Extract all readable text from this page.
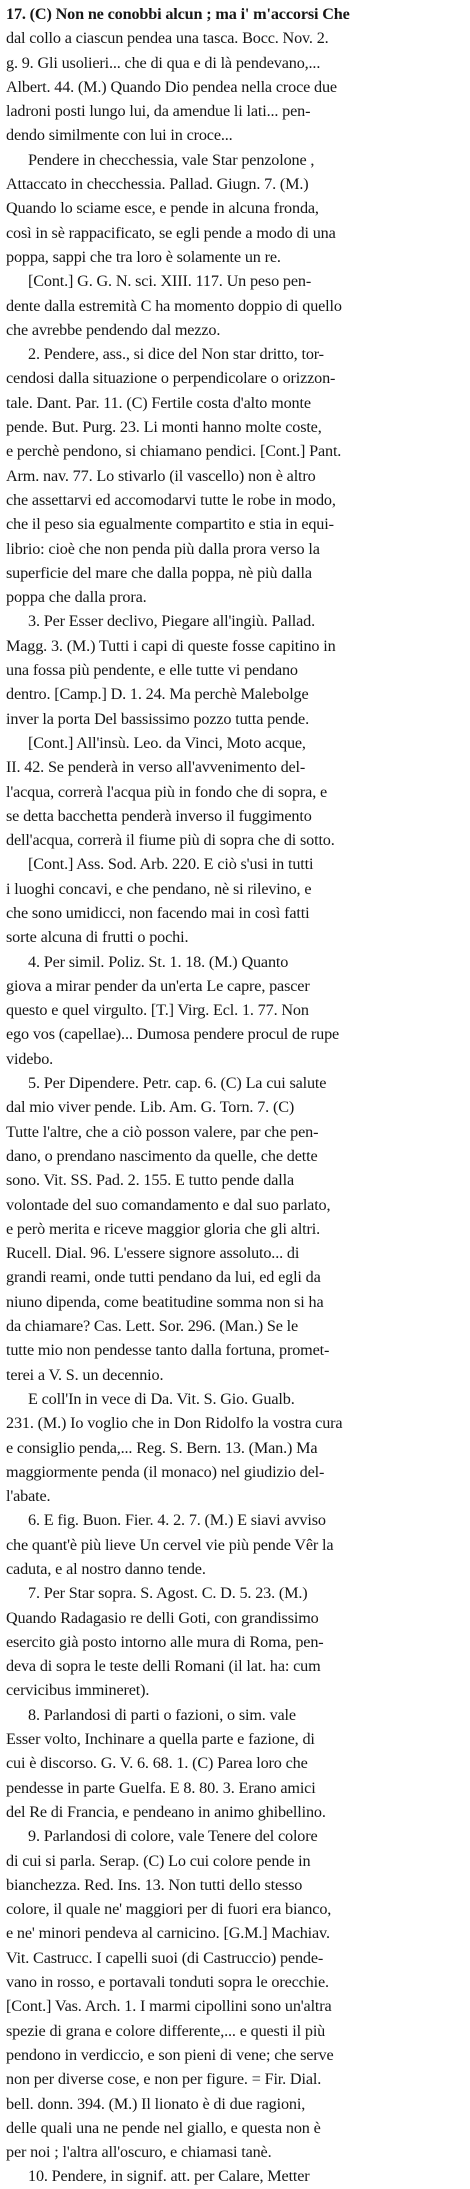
17. (C) Non ne conobbi alcun ; ma i' m'accorsi Che
dal collo a ciascun pendea una tasca. Bocc. Nov. 2.
g. 9. Gli usolieri... che di qua e di là pendevano,...
Albert. 44. (M.) Quando Dio pendea nella croce due
ladroni posti lungo lui, da amendue li lati... pen-
dendo similmente con lui in croce...
Pendere in checchessia, vale Star penzolone ,
Attaccato in checchessia. Pallad. Giugn. 7. (M.)
Quando lo sciame esce, e pende in alcuna fronda,
così in sè rappacificato, se egli pende a modo di una
poppa, sappi che tra loro è solamente un re.
[Cont.] G. G. N. sci. XIII. 117. Un peso pen-
dente dalla estremità C ha momento doppio di quello
che avrebbe pendendo dal mezzo.
2. Pendere, ass., si dice del Non star dritto, tor-
cendosi dalla situazione o perpendicolare o orizzon-
tale. Dant. Par. 11. (C) Fertile costa d'alto monte
pende. But. Purg. 23. Li monti hanno molte coste,
e perchè pendono, si chiamano pendici. [Cont.] Pant.
Arm. nav. 77. Lo stivarlo (il vascello) non è altro
che assettarvi ed accomodarvi tutte le robe in modo,
che il peso sia egualmente compartito e stia in equi-
librio: cioè che non penda più dalla prora verso la
superficie del mare che dalla poppa, nè più dalla
poppa che dalla prora.
3. Per Esser declivo, Piegare all'ingiù. Pallad.
Magg. 3. (M.) Tutti i capi di queste fosse capitino in
una fossa più pendente, e elle tutte vi pendano
dentro. [Camp.] D. 1. 24. Ma perchè Malebolge
inver la porta Del bassissimo pozzo tutta pende.
[Cont.] All'insù. Leo. da Vinci, Moto acque,
II. 42. Se penderà in verso all'avvenimento del-
l'acqua, correrà l'acqua più in fondo che di sopra, e
se detta bacchetta penderà inverso il fuggimento
dell'acqua, correrà il fiume più di sopra che di sotto.
[Cont.] Ass. Sod. Arb. 220. E ciò s'usi in tutti
i luoghi concavi, e che pendano, nè si rilevino, e
che sono umidicci, non facendo mai in così fatti
sorte alcuna di frutti o pochi.
4. Per simil. Poliz. St. 1. 18. (M.) Quanto
giova a mirar pender da un'erta Le capre, pascer
questo e quel virgulto. [T.] Virg. Ecl. 1. 77. Non
ego vos (capellae)... Dumosa pendere procul de rupe
videbo.
5. Per Dipendere. Petr. cap. 6. (C) La cui salute
dal mio viver pende. Lib. Am. G. Torn. 7. (C)
Tutte l'altre, che a ciò posson valere, par che pen-
dano, o prendano nascimento da quelle, che dette
sono. Vit. SS. Pad. 2. 155. E tutto pende dalla
volontade del suo comandamento e dal suo parlato,
e però merita e riceve maggior gloria che gli altri.
Rucell. Dial. 96. L'essere signore assoluto... di
grandi reami, onde tutti pendano da lui, ed egli da
niuno dipenda, come beatitudine somma non si ha
da chiamare? Cas. Lett. Sor. 296. (Man.) Se le
tutte mio non pendesse tanto dalla fortuna, promet-
terei a V. S. un decennio.
E coll'In in vece di Da. Vit. S. Gio. Gualb.
231. (M.) Io voglio che in Don Ridolfo la vostra cura
e consiglio penda,... Reg. S. Bern. 13. (Man.) Ma
maggiormente penda (il monaco) nel giudizio del-
l'abate.
6. E fig. Buon. Fier. 4. 2. 7. (M.) E siavi avviso
che quant'è più lieve Un cervel vie più pende Vêr la
caduta, e al nostro danno tende.
7. Per Star sopra. S. Agost. C. D. 5. 23. (M.)
Quando Radagasio re delli Goti, con grandissimo
esercito già posto intorno alle mura di Roma, pen-
deva di sopra le teste delli Romani (il lat. ha: cum
cervicibus immineret).
8. Parlandosi di parti o fazioni, o sim. vale
Esser volto, Inchinare a quella parte e fazione, di
cui è discorso. G. V. 6. 68. 1. (C) Parea loro che
pendesse in parte Guelfa. E 8. 80. 3. Erano amici
del Re di Francia, e pendeano in animo ghibellino.
9. Parlandosi di colore, vale Tenere del colore
di cui si parla. Serap. (C) Lo cui colore pende in
bianchezza. Red. Ins. 13. Non tutti dello stesso
colore, il quale ne' maggiori per di fuori era bianco,
e ne' minori pendeva al carnicino. [G.M.] Machiav.
Vit. Castrucc. I capelli suoi (di Castruccio) pende-
vano in rosso, e portavali tonduti sopra le orecchie.
[Cont.] Vas. Arch. 1. I marmi cipollini sono un'altra
spezie di grana e colore differente,... e questi il più
pendono in verdiccio, e son pieni di vene; che serve
non per diverse cose, e non per figure. = Fir. Dial.
bell. donn. 394. (M.) Il lionato è di due ragioni,
delle quali una ne pende nel giallo, e questa non è
per noi ; l'altra all'oscuro, e chiamasi tanè.
10. Pendere, in signif. att. per Calare, Metter
